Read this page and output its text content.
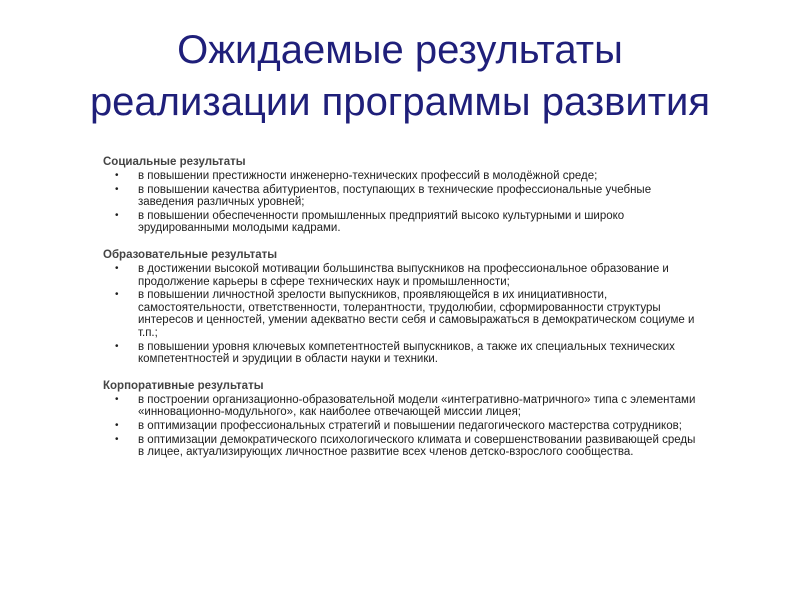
Ожидаемые результаты
реализации программы развития
Социальные результаты
• в повышении престижности инженерно-технических профессий в молодёжной среде;
• в повышении качества абитуриентов, поступающих в технические профессиональные учебные заведения различных уровней;
• в повышении обеспеченности промышленных предприятий высоко культурными и широко эрудированными молодыми кадрами.
Образовательные результаты
• в достижении высокой мотивации большинства выпускников на профессиональное образование и продолжение карьеры в сфере технических наук и промышленности;
• в повышении личностной зрелости выпускников, проявляющейся в их инициативности, самостоятельности, ответственности, толерантности, трудолюбии, сформированности структуры интересов и ценностей, умении адекватно вести себя и самовыражаться в демократическом социуме и т.п.;
• в повышении уровня ключевых компетентностей выпускников, а также их специальных технических компетентностей и эрудиции в области науки и техники.
Корпоративные результаты
• в построении организационно-образовательной модели «интегративно-матричного» типа с элементами «инновационно-модульного», как наиболее отвечающей миссии лицея;
• в оптимизации профессиональных стратегий и повышении педагогического мастерства сотрудников;
• в оптимизации демократического психологического климата и совершенствовании развивающей среды в лицее, актуализирующих личностное развитие всех членов детско-взрослого сообщества.
